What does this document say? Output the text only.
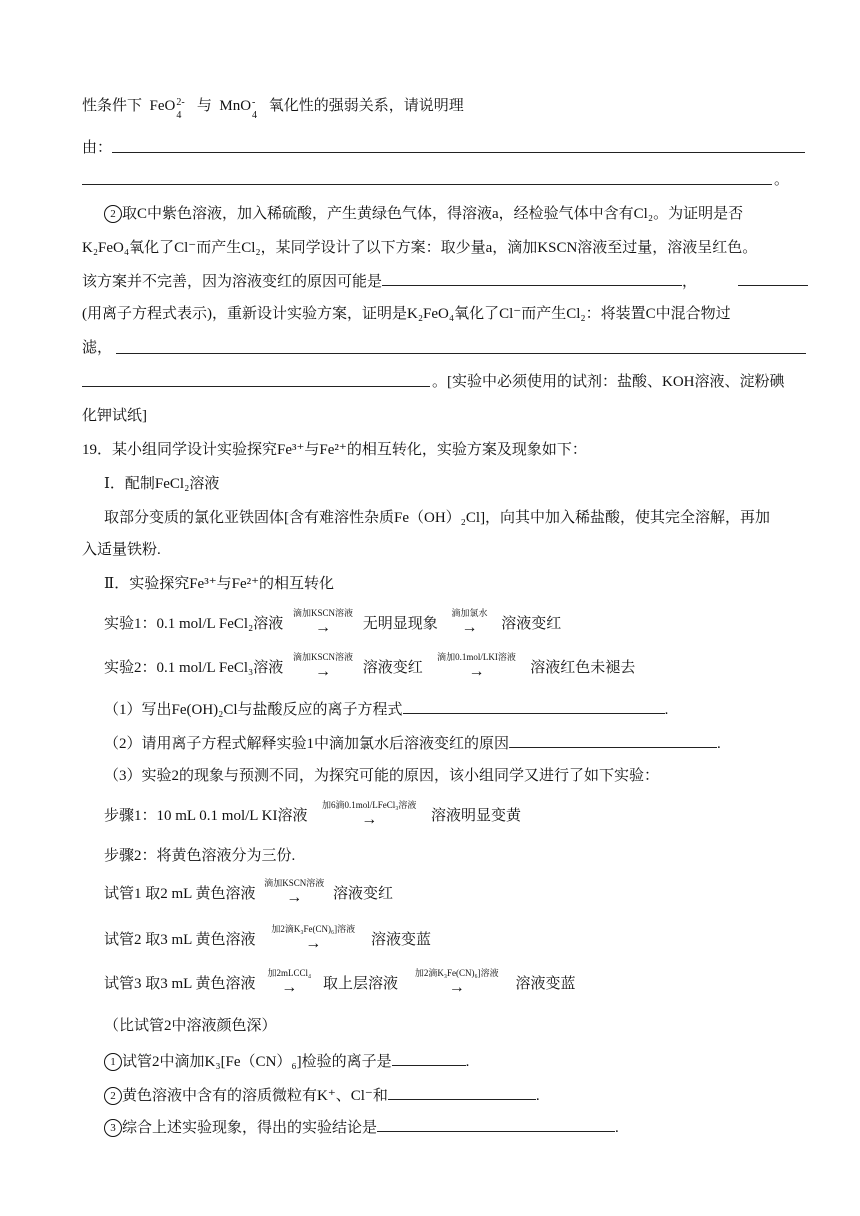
性条件下 FeO 2-
4
与 MnO -
4
氧化性的强弱关系，请说明理
由：
。
2 取C中紫色溶液，加入稀硫酸，产生黄绿色气体，得溶液a，经检验气体中含有Cl₂。为证明是否
K₂FeO₄氧化了Cl⁻而产生Cl₂，某同学设计了以下方案：取少量a，滴加KSCN溶液至过量，溶液呈红色。
该方案并不完善，因为溶液变红的原因可能是	，
(用离子方程式表示)，重新设计实验方案，证明是K₂FeO₄氧化了Cl⁻而产生Cl₂：将装置C中混合物过
滤，
。[实验中必须使用的试剂：盐酸、KOH溶液、淀粉碘
化钾试纸]
19．某小组同学设计实验探究Fe³⁺与Fe²⁺的相互转化，实验方案及现象如下：
Ⅰ．配制FeCl₂溶液
取部分变质的氯化亚铁固体[含有难溶性杂质Fe（OH）₂Cl]，向其中加入稀盐酸，使其完全溶解，再加
入适量铁粉.
Ⅱ．实验探究Fe³⁺与Fe²⁺的相互转化
实验1：0.1 mol/L FeCl₂溶液
滴加KSCN溶液
→	无明显现象
滴加氯水
→	溶液变红
实验2：0.1 mol/L FeCl₃溶液
滴加KSCN溶液
→	溶液变红
滴加0.1mol/LKI溶液
→	溶液红色未褪去
（1）写出Fe(OH)₂Cl与盐酸反应的离子方程式	.
（2）请用离子方程式解释实验1中滴加氯水后溶液变红的原因	.
（3）实验2的现象与预测不同，为探究可能的原因，该小组同学又进行了如下实验：
步骤1：10 mL 0.1 mol/L KI溶液
加6滴0.1mol/LFeCl₃溶液
→	溶液明显变黄
步骤2：将黄色溶液分为三份.
试管1 取2 mL 黄色溶液
滴加KSCN溶液
→	溶液变红
试管2 取3 mL 黄色溶液
加2滴K₃Fe(CN)₆]溶液
→	溶液变蓝
试管3 取3 mL 黄色溶液
加2mLCCl₄
→	取上层溶液
加2滴K₃Fe(CN)₆]溶液
→	溶液变蓝
（比试管2中溶液颜色深）
1 试管2中滴加K₃[Fe（CN）₆]检验的离子是	.
2 黄色溶液中含有的溶质微粒有K⁺、Cl⁻和	.
3 综合上述实验现象，得出的实验结论是	.
